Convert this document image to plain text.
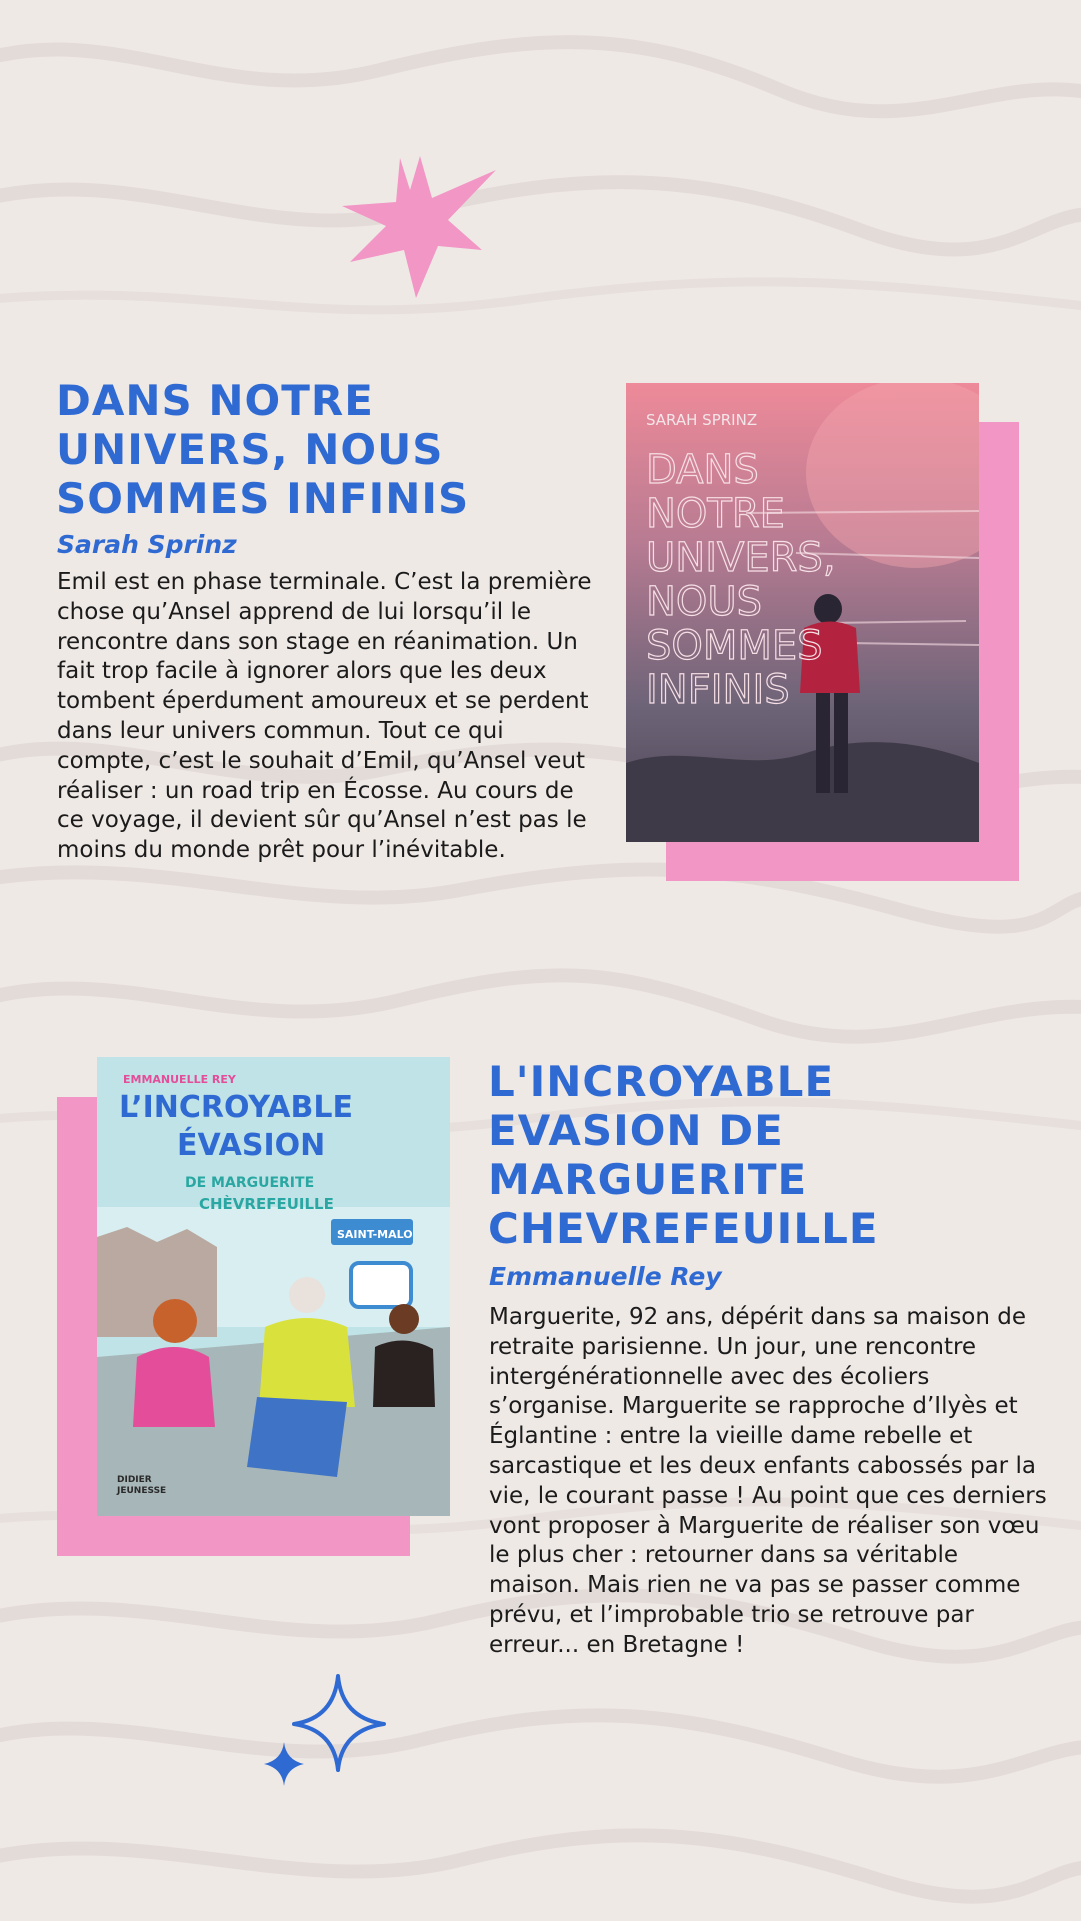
DANS NOTRE UNIVERS, NOUS SOMMES INFINIS
Sarah Sprinz

Emil est en phase terminale. C’est la première chose qu’Ansel apprend de lui lorsqu’il le rencontre dans son stage en réanimation. Un fait trop facile à ignorer alors que les deux tombent éperdument amoureux et se perdent dans leur univers commun. Tout ce qui compte, c’est le souhait d’Emil, qu’Ansel veut réaliser : un road trip en Écosse. Au cours de ce voyage, il devient sûr qu’Ansel n’est pas le moins du monde prêt pour l’inévitable.

SARAH SPRINZ
DANS
NOTRE
UNIVERS,
NOUS
SOMMES
INFINIS
EMMANUELLE REY
L’INCROYABLE
ÉVASION
DE MARGUERITE
CHÈVREFEUILLE
SAINT-MALO
DIDIER
JEUNESSE
L'INCROYABLE EVASION DE MARGUERITE CHEVREFEUILLE
Emmanuelle Rey

Marguerite, 92 ans, dépérit dans sa maison de retraite parisienne. Un jour, une rencontre intergénérationnelle avec des écoliers s’organise. Marguerite se rapproche d’Ilyès et Églantine : entre la vieille dame rebelle et sarcastique et les deux enfants cabossés par la vie, le courant passe ! Au point que ces derniers vont proposer à Marguerite de réaliser son vœu le plus cher : retourner dans sa véritable maison. Mais rien ne va pas se passer comme prévu, et l’improbable trio se retrouve par erreur... en Bretagne !
